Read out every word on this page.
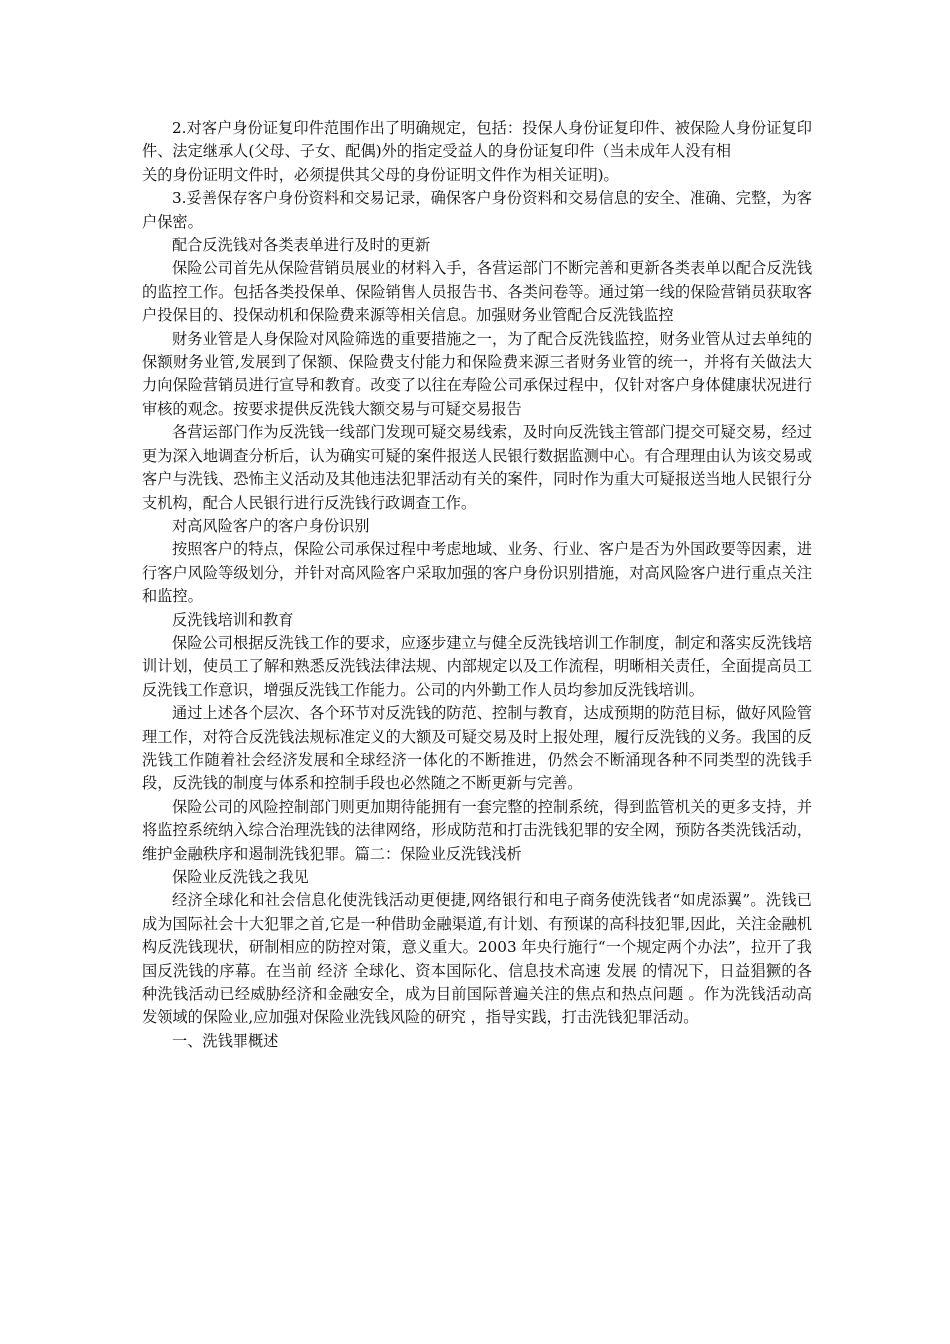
2.对客户身份证复印件范围作出了明确规定，包括：投保人身份证复印件、被保险人身份证复印件、法定继承人(父母、子女、配偶)外的指定受益人的身份证复印件（当未成年人没有相

关的身份证明文件时，必须提供其父母的身份证明文件作为相关证明)。

3.妥善保存客户身份资料和交易记录，确保客户身份资料和交易信息的安全、准确、完整，为客户保密。

配合反洗钱对各类表单进行及时的更新

保险公司首先从保险营销员展业的材料入手，各营运部门不断完善和更新各类表单以配合反洗钱的监控工作。包括各类投保单、保险销售人员报告书、各类问卷等。通过第一线的保险营销员获取客户投保目的、投保动机和保险费来源等相关信息。加强财务业管配合反洗钱监控

财务业管是人身保险对风险筛选的重要措施之一，为了配合反洗钱监控，财务业管从过去单纯的保额财务业管,发展到了保额、保险费支付能力和保险费来源三者财务业管的统一，并将有关做法大力向保险营销员进行宣导和教育。改变了以往在寿险公司承保过程中，仅针对客户身体健康状况进行审核的观念。按要求提供反洗钱大额交易与可疑交易报告

各营运部门作为反洗钱一线部门发现可疑交易线索，及时向反洗钱主管部门提交可疑交易，经过更为深入地调查分析后，认为确实可疑的案件报送人民银行数据监测中心。有合理理由认为该交易或客户与洗钱、恐怖主义活动及其他违法犯罪活动有关的案件，同时作为重大可疑报送当地人民银行分支机构，配合人民银行进行反洗钱行政调查工作。

对高风险客户的客户身份识别

按照客户的特点，保险公司承保过程中考虑地域、业务、行业、客户是否为外国政要等因素，进行客户风险等级划分，并针对高风险客户采取加强的客户身份识别措施，对高风险客户进行重点关注和监控。

反洗钱培训和教育

保险公司根据反洗钱工作的要求，应逐步建立与健全反洗钱培训工作制度，制定和落实反洗钱培训计划，使员工了解和熟悉反洗钱法律法规、内部规定以及工作流程，明晰相关责任，全面提高员工反洗钱工作意识，增强反洗钱工作能力。公司的内外勤工作人员均参加反洗钱培训。

通过上述各个层次、各个环节对反洗钱的防范、控制与教育，达成预期的防范目标，做好风险管理工作，对符合反洗钱法规标准定义的大额及可疑交易及时上报处理，履行反洗钱的义务。我国的反洗钱工作随着社会经济发展和全球经济一体化的不断推进，仍然会不断涌现各种不同类型的洗钱手段，反洗钱的制度与体系和控制手段也必然随之不断更新与完善。

保险公司的风险控制部门则更加期待能拥有一套完整的控制系统，得到监管机关的更多支持，并将监控系统纳入综合治理洗钱的法律网络，形成防范和打击洗钱犯罪的安全网，预防各类洗钱活动，维护金融秩序和遏制洗钱犯罪。篇二：保险业反洗钱浅析

保险业反洗钱之我见

经济全球化和社会信息化使洗钱活动更便捷,网络银行和电子商务使洗钱者“如虎添翼”。洗钱已成为国际社会十大犯罪之首,它是一种借助金融渠道,有计划、有预谋的高科技犯罪,因此，关注金融机构反洗钱现状，研制相应的防控对策，意义重大。2003 年央行施行“一个规定两个办法”，拉开了我国反洗钱的序幕。在当前 经济 全球化、资本国际化、信息技术高速 发展 的情况下，日益猖獗的各种洗钱活动已经威胁经济和金融安全，成为目前国际普遍关注的焦点和热点问题 。作为洗钱活动高发领域的保险业,应加强对保险业洗钱风险的研究 ，指导实践，打击洗钱犯罪活动。

一、洗钱罪概述
